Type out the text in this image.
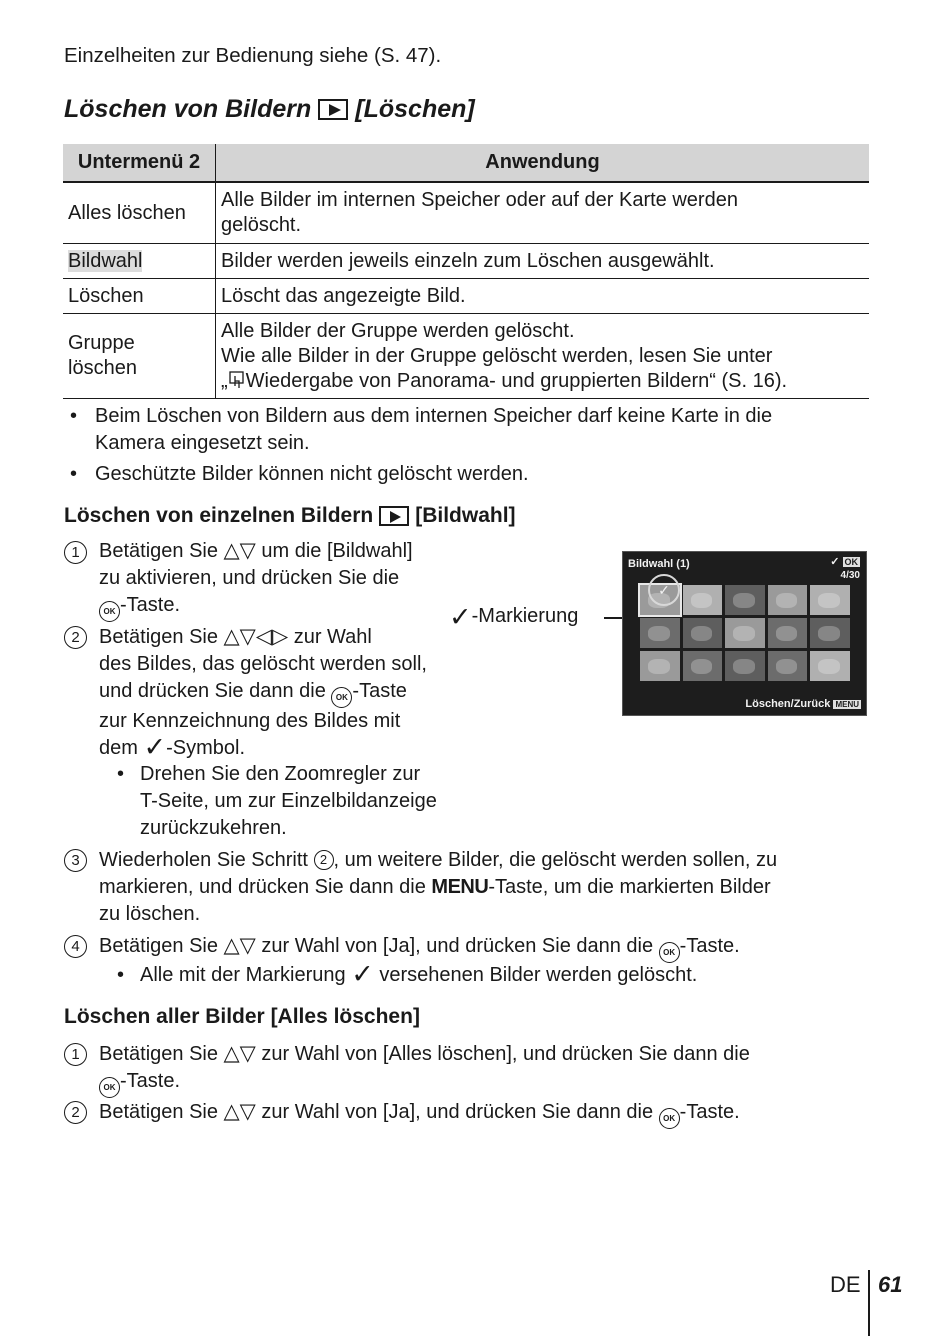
Einzelheiten zur Bedienung siehe (S. 47).
Löschen von Bildern [Löschen]
Untermenü 2	Anwendung
Alles löschen	Alle Bilder im internen Speicher oder auf der Karte werden
gelöscht.
Bildwahl	Bilder werden jeweils einzeln zum Löschen ausgewählt.
Löschen	Löscht das angezeigte Bild.
Gruppe
löschen	Alle Bilder der Gruppe werden gelöscht.
Wie alle Bilder in der Gruppe gelöscht werden, lesen Sie unter
„ Wiedergabe von Panorama- und gruppierten Bildern“ (S. 16).
• Beim Löschen von Bildern aus dem internen Speicher darf keine Karte in die
Kamera eingesetzt sein.
• Geschützte Bilder können nicht gelöscht werden.
Löschen von einzelnen Bildern [Bildwahl]
1 Betätigen Sie △▽ um die [Bildwahl]
zu aktivieren, und drücken Sie die
OK -Taste.
2 Betätigen Sie △▽◁▷ zur Wahl
des Bildes, das gelöscht werden soll,
und drücken Sie dann die OK -Taste
zur Kennzeichnung des Bildes mit
dem ✓-Symbol.
• Drehen Sie den Zoomregler zur
T-Seite, um zur Einzelbildanzeige
zurückzukehren.
✓ -Markierung
Bildwahl (1)	✓ OK
4/30
✓
Löschen/Zurück MENU
3 Wiederholen Sie Schritt 2 , um weitere Bilder, die gelöscht werden sollen, zu
markieren, und drücken Sie dann die MENU-Taste, um die markierten Bilder
zu löschen.
4 Betätigen Sie △▽ zur Wahl von [Ja], und drücken Sie dann die OK -Taste.
• Alle mit der Markierung ✓ versehenen Bilder werden gelöscht.
Löschen aller Bilder [Alles löschen]
1 Betätigen Sie △▽ zur Wahl von [Alles löschen], und drücken Sie dann die
OK -Taste.
2 Betätigen Sie △▽ zur Wahl von [Ja], und drücken Sie dann die OK -Taste.
DE 61
